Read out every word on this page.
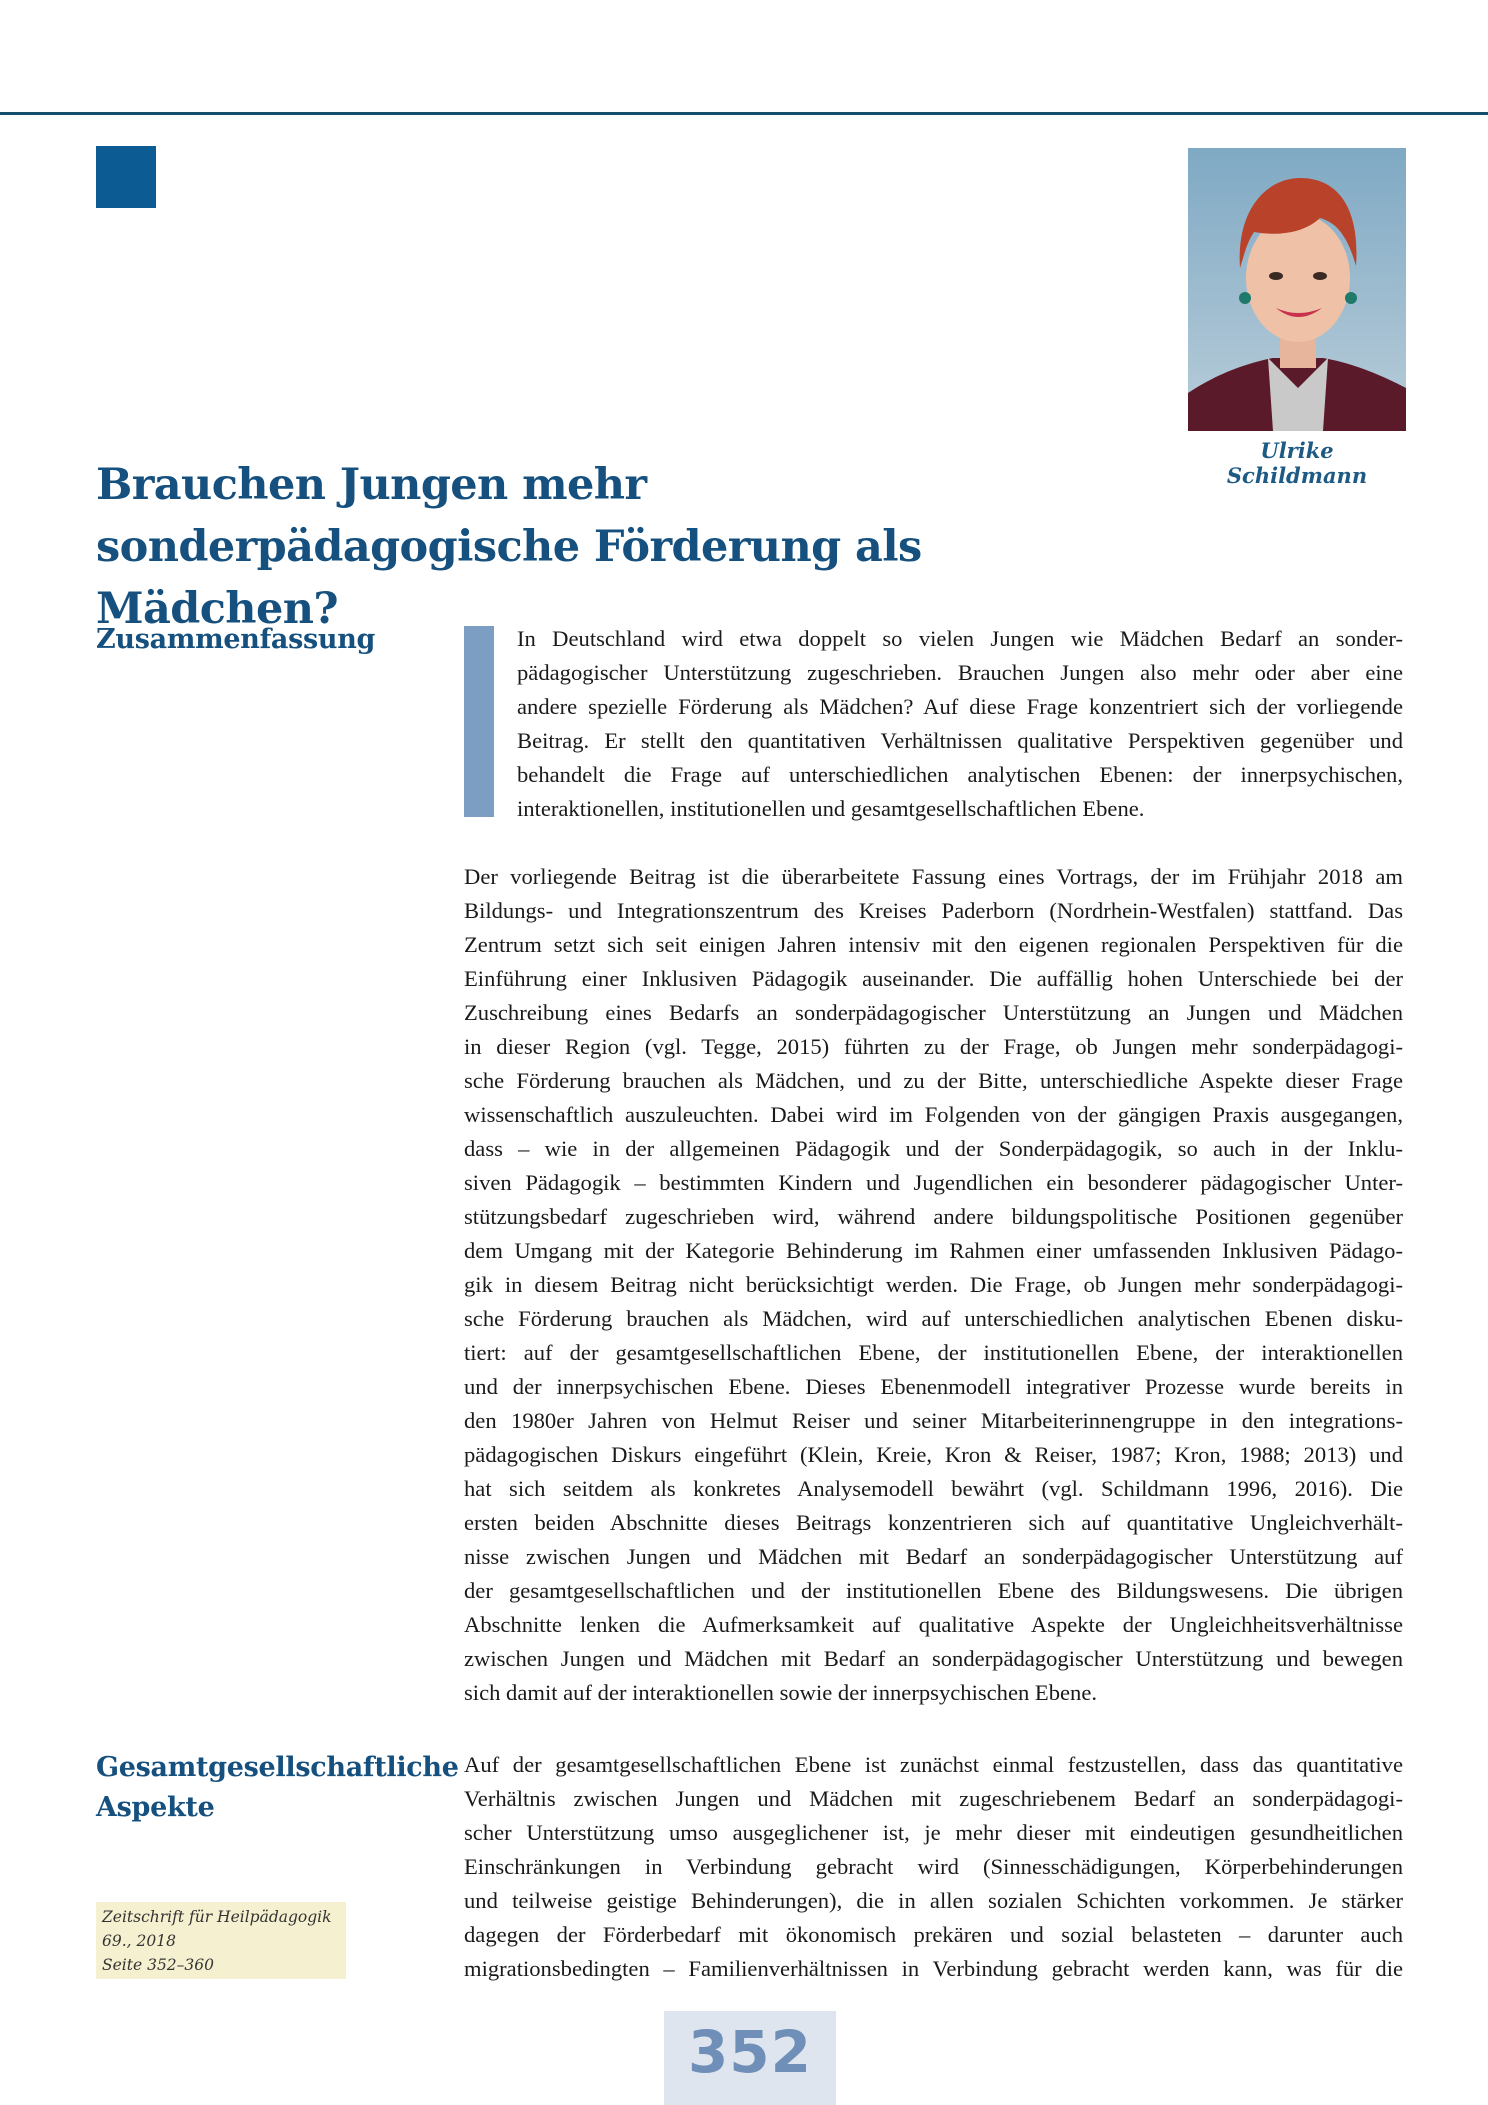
Ulrike Schildmann
Brauchen Jungen mehr
sonderpädagogische Förderung als Mädchen?
Zusammenfassung	In Deutschland wird etwa doppelt so vielen Jungen wie Mädchen Bedarf an sonder-
pädagogischer Unterstützung zugeschrieben. Brauchen Jungen also mehr oder aber eine
andere spezielle Förderung als Mädchen? Auf diese Frage konzentriert sich der vorliegende
Beitrag. Er stellt den quantitativen Verhältnissen qualitative Perspektiven gegenüber und
behandelt die Frage auf unterschiedlichen analytischen Ebenen: der innerpsychischen,
interaktionellen, institutionellen und gesamtgesellschaftlichen Ebene.

Der vorliegende Beitrag ist die überarbeitete Fassung eines Vortrags, der im Frühjahr 2018 am
Bildungs- und Integrationszentrum des Kreises Paderborn (Nordrhein-Westfalen) stattfand. Das
Zentrum setzt sich seit einigen Jahren intensiv mit den eigenen regionalen Perspektiven für die
Einführung einer Inklusiven Pädagogik auseinander. Die auffällig hohen Unterschiede bei der
Zuschreibung eines Bedarfs an sonderpädagogischer Unterstützung an Jungen und Mädchen
in dieser Region (vgl. Tegge, 2015) führten zu der Frage, ob Jungen mehr sonderpädagogi-
sche Förderung brauchen als Mädchen, und zu der Bitte, unterschiedliche Aspekte dieser Frage
wissenschaftlich auszuleuchten. Dabei wird im Folgenden von der gängigen Praxis ausgegangen,
dass – wie in der allgemeinen Pädagogik und der Sonderpädagogik, so auch in der Inklu-
siven Pädagogik – bestimmten Kindern und Jugendlichen ein besonderer pädagogischer Unter-
stützungsbedarf zugeschrieben wird, während andere bildungspolitische Positionen gegenüber
dem Umgang mit der Kategorie Behinderung im Rahmen einer umfassenden Inklusiven Pädago-
gik in diesem Beitrag nicht berücksichtigt werden. Die Frage, ob Jungen mehr sonderpädagogi-
sche Förderung brauchen als Mädchen, wird auf unterschiedlichen analytischen Ebenen disku-
tiert: auf der gesamtgesellschaftlichen Ebene, der institutionellen Ebene, der interaktionellen
und der innerpsychischen Ebene. Dieses Ebenenmodell integrativer Prozesse wurde bereits in
den 1980er Jahren von Helmut Reiser und seiner Mitarbeiterinnengruppe in den integrations-
pädagogischen Diskurs eingeführt (Klein, Kreie, Kron & Reiser, 1987; Kron, 1988; 2013) und
hat sich seitdem als konkretes Analysemodell bewährt (vgl. Schildmann 1996, 2016). Die
ersten beiden Abschnitte dieses Beitrags konzentrieren sich auf quantitative Ungleichverhält-
nisse zwischen Jungen und Mädchen mit Bedarf an sonderpädagogischer Unterstützung auf
der gesamtgesellschaftlichen und der institutionellen Ebene des Bildungswesens. Die übrigen
Abschnitte lenken die Aufmerksamkeit auf qualitative Aspekte der Ungleichheitsverhältnisse
zwischen Jungen und Mädchen mit Bedarf an sonderpädagogischer Unterstützung und bewegen
sich damit auf der interaktionellen sowie der innerpsychischen Ebene.

Gesamtgesellschaftliche
Aspekte

Auf der gesamtgesellschaftlichen Ebene ist zunächst einmal festzustellen, dass das quantitative
Verhältnis zwischen Jungen und Mädchen mit zugeschriebenem Bedarf an sonderpädagogi-
scher Unterstützung umso ausgeglichener ist, je mehr dieser mit eindeutigen gesundheitlichen
Einschränkungen in Verbindung gebracht wird (Sinnesschädigungen, Körperbehinderungen
und teilweise geistige Behinderungen), die in allen sozialen Schichten vorkommen. Je stärker
dagegen der Förderbedarf mit ökonomisch prekären und sozial belasteten – darunter auch
migrationsbedingten – Familienverhältnissen in Verbindung gebracht werden kann, was für die

Zeitschrift für Heilpädagogik
69., 2018
Seite 352–360
352
